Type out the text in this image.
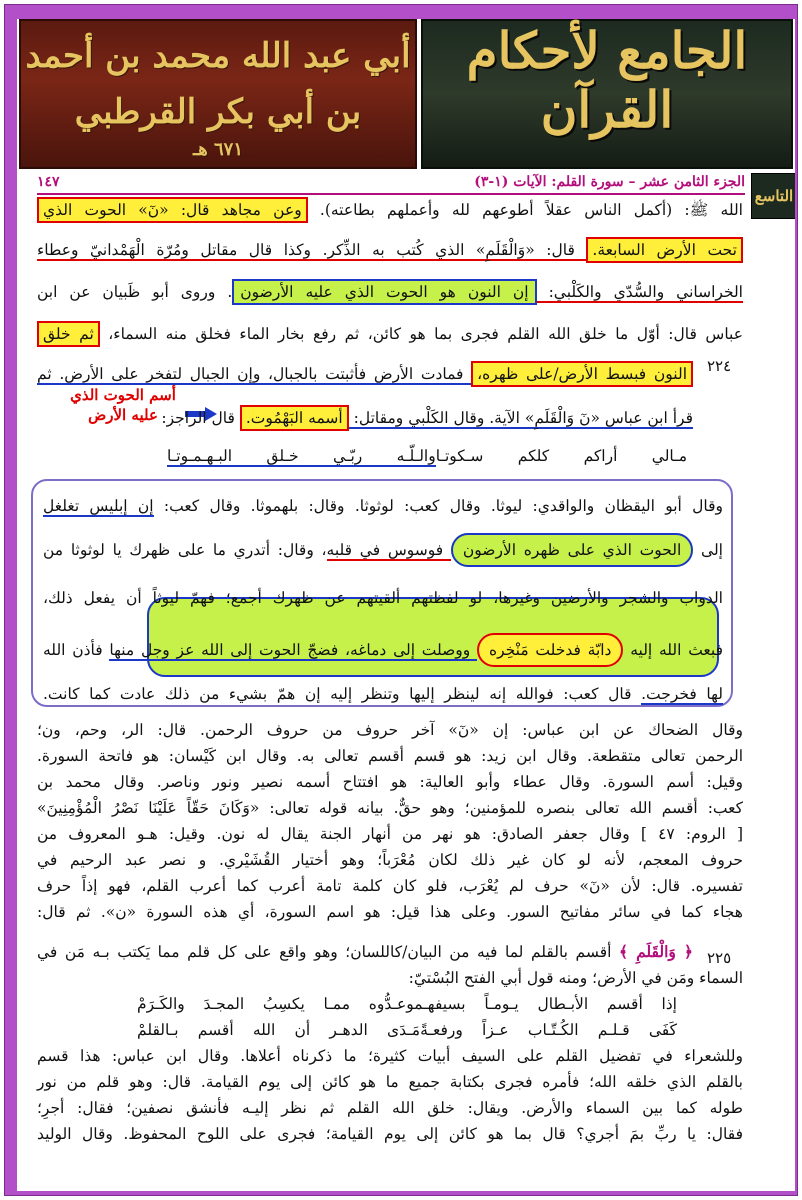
أبي عبد الله محمد بن أحمد
بن أبي بكر القرطبي
٦٧١ هـ
الجامع لأحكام القرآن
التاسع
الجزء الثامن عشر – سورة القلم: الآيات (١-٣)
١٤٧
٢٢٤
٢٢٥
أسم الحوت الذي
عليه الأرض
الله ﷺ: (أكمل الناس عقلاً أطوعهم لله وأعملهم بطاعته). وعن مجاهد قال: «نٓ» الحوت الذي
تحت الأرض السابعة. قال: «وَالْقَلَمِ» الذي كُتب به الذِّكر. وكذا قال مقاتل ومُرّة الْهَمْدانيّ وعطاء
الخراساني والسُّدّي والكَلْبي: إن النون هو الحوت الذي عليه الأرضون. وروى أبو ظَبيان عن ابن
عباس قال: أوّل ما خلق الله القلم فجرى بما هو كائن، ثم رفع بخار الماء فخلق منه السماء، ثم خلق
النون فبسط الأرض/على ظهره، فمادت الأرض فأثبتت بالجبال، وإن الجبال لتفخر على الأرض. ثم
قرأ ابن عباس «نٓ وَالْقَلَمِ» الآية. وقال الكَلْبي ومقاتل: أسمه البَهْمُوت. قال الراجز:
مـالي أراكم كلكم سـكوتـاوالـلّـه ربّـي خـلق البـهـمـوتـا
وقال أبو اليقظان والواقدي: ليوثا. وقال كعب: لوثوثا. وقال: بلهموثا. وقال كعب: إن إبليس تغلغل
إلى الحوت الذي على ظهره الأرضون فوسوس في قلبه، وقال: أتدري ما على ظهرك يا لوثوثا من
الدواب والشجر والأرضين وغيرها، لو لفظتهم ألقيتهم عن ظهرك أجمع؛ فهمّ ليوثاً أن يفعل ذلك،
فبعث الله إليه دابّة فدخلت مَنْخِره ووصلت إلى دماغه، فضجّ الحوت إلى الله عز وجل منها فأذن الله
لها فخرجت. قال كعب: فوالله إنه لينظر إليها وتنظر إليه إن همّ بشيء من ذلك عادت كما كانت.
وقال الضحاك عن ابن عباس: إن «نٓ» آخر حروف من حروف الرحمن. قال: الر، وحم، ون؛
الرحمن تعالى متقطعة. وقال ابن زيد: هو قسم أقسم تعالى به. وقال ابن كَيْسان: هو فاتحة السورة.
وقيل: أسم السورة. وقال عطاء وأبو العالية: هو افتتاح أسمه نصير ونور وناصر. وقال محمد بن
كعب: أقسم الله تعالى بنصره للمؤمنين؛ وهو حقٌّ. بيانه قوله تعالى: «وَكَانَ حَقّاً عَلَيْنَا نَصْرُ الْمُؤْمِنِينَ»
[ الروم: ٤٧ ] وقال جعفر الصادق: هو نهر من أنهار الجنة يقال له نون. وقيل: هـو المعروف من
حروف المعجم، لأنه لو كان غير ذلك لكان مُعْرَباً؛ وهو أختيار القُشَيْري. و نصر عبد الرحيم في
تفسيره. قال: لأن «نٓ» حرف لم يُعْرَب، فلو كان كلمة تامة أعرب كما أعرب القلم، فهو إذاً حرف
هجاء كما في سائر مفاتيح السور. وعلى هذا قيل: هو اسم السورة، أي هذه السورة «ن». ثم قال:
﴿ وَالْقَلَمِ ﴾ أقسم بالقلم لما فيه من البيان/كاللسان؛ وهو واقع على كل قلم مما يَكتب بـه مَن في
السماء ومَن في الأرض؛ ومنه قول أبي الفتح البُسْتيّ:
إذا أقسم الأبـطال يـومـاً بسيفهـموعـدُّوه ممـا يكسِبُ المجـدَ والكَـرَمْ
كَفَى قـلـم الكُـتّـاب عـزاً ورفعـةًمَـدَى الدهـر أن الله أقسم بـالقلمْ
وللشعراء في تفضيل القلم على السيف أبيات كثيرة؛ ما ذكرناه أعلاها. وقال ابن عباس: هذا قسم
بالقلم الذي خلقه الله؛ فأمره فجرى بكتابة جميع ما هو كائن إلى يوم القيامة. قال: وهو قلم من نور
طوله كما بين السماء والأرض. ويقال: خلق الله القلم ثم نظر إليـه فأنشق نصفين؛ فقال: أجرِ؛
فقال: يا ربِّ بمَ أجري؟ قال بما هو كائن إلى يوم القيامة؛ فجرى على اللوح المحفوظ. وقال الوليد
